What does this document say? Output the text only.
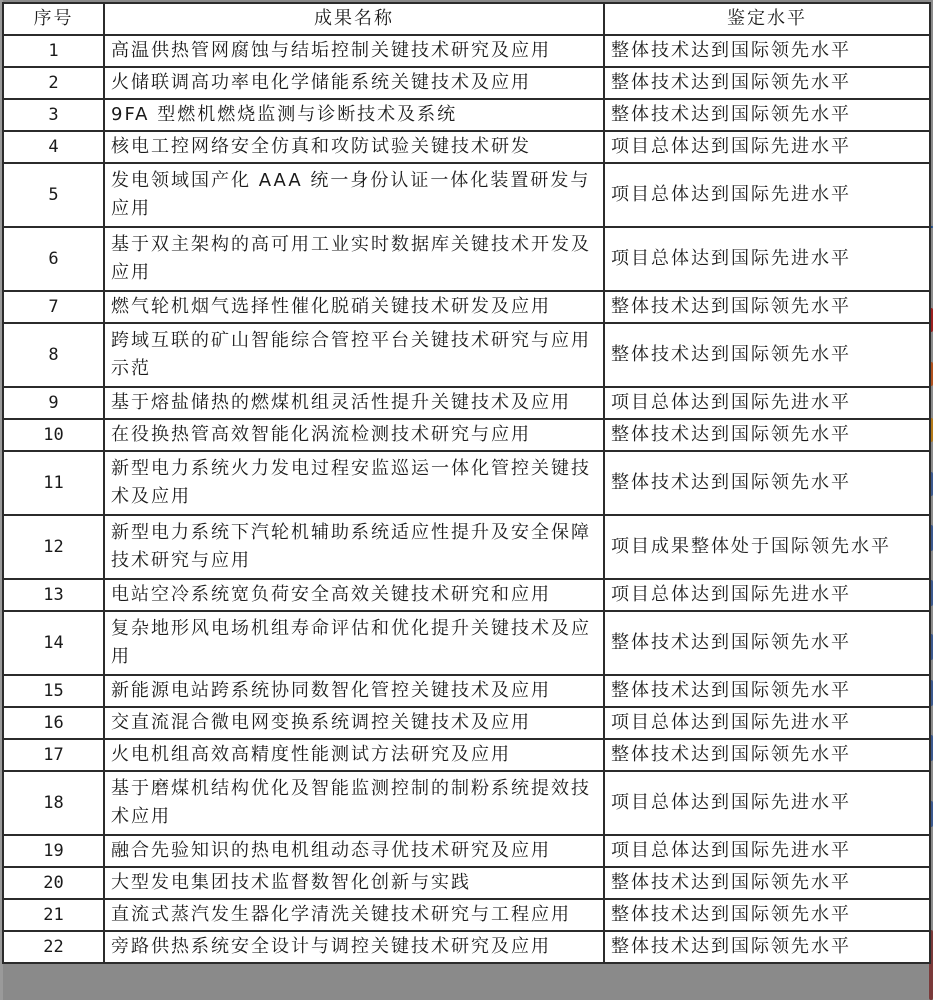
序号	成果名称	鉴定水平
1	高温供热管网腐蚀与结垢控制关键技术研究及应用	整体技术达到国际领先水平
2	火储联调高功率电化学储能系统关键技术及应用	整体技术达到国际领先水平
3	9FA 型燃机燃烧监测与诊断技术及系统	整体技术达到国际领先水平
4	核电工控网络安全仿真和攻防试验关键技术研发	项目总体达到国际先进水平
5	发电领域国产化 AAA 统一身份认证一体化装置研发与应用	项目总体达到国际先进水平
6	基于双主架构的高可用工业实时数据库关键技术开发及应用	项目总体达到国际先进水平
7	燃气轮机烟气选择性催化脱硝关键技术研发及应用	整体技术达到国际领先水平
8	跨域互联的矿山智能综合管控平台关键技术研究与应用示范	整体技术达到国际领先水平
9	基于熔盐储热的燃煤机组灵活性提升关键技术及应用	项目总体达到国际先进水平
10	在役换热管高效智能化涡流检测技术研究与应用	整体技术达到国际领先水平
11	新型电力系统火力发电过程安监巡运一体化管控关键技术及应用	整体技术达到国际领先水平
12	新型电力系统下汽轮机辅助系统适应性提升及安全保障技术研究与应用	项目成果整体处于国际领先水平
13	电站空冷系统宽负荷安全高效关键技术研究和应用	项目总体达到国际先进水平
14	复杂地形风电场机组寿命评估和优化提升关键技术及应用	整体技术达到国际领先水平
15	新能源电站跨系统协同数智化管控关键技术及应用	整体技术达到国际领先水平
16	交直流混合微电网变换系统调控关键技术及应用	项目总体达到国际先进水平
17	火电机组高效高精度性能测试方法研究及应用	整体技术达到国际领先水平
18	基于磨煤机结构优化及智能监测控制的制粉系统提效技术应用	项目总体达到国际先进水平
19	融合先验知识的热电机组动态寻优技术研究及应用	项目总体达到国际先进水平
20	大型发电集团技术监督数智化创新与实践	整体技术达到国际领先水平
21	直流式蒸汽发生器化学清洗关键技术研究与工程应用	整体技术达到国际领先水平
22	旁路供热系统安全设计与调控关键技术研究及应用	整体技术达到国际领先水平
